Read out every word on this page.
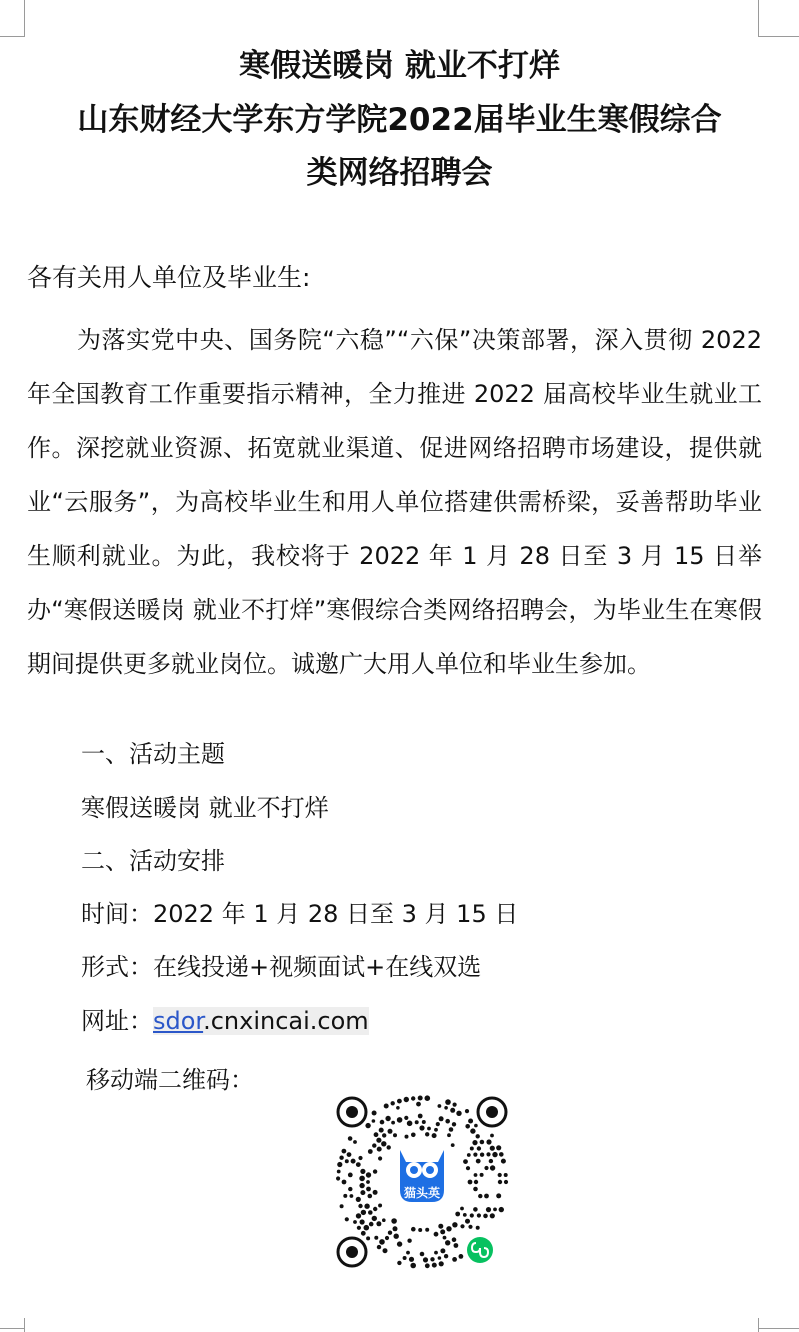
寒假送暖岗 就业不打烊
山东财经大学东方学院2022届毕业生寒假综合
类网络招聘会
各有关用人单位及毕业生:

为落实党中央、国务院“六稳”“六保”决策部署，深入贯彻 2022 年全国教育工作重要指示精神，全力推进 2022 届高校毕业生就业工作。深挖就业资源、拓宽就业渠道、促进网络招聘市场建设，提供就业“云服务”，为高校毕业生和用人单位搭建供需桥梁，妥善帮助毕业生顺利就业。为此，我校将于 2022 年 1 月 28 日至 3 月 15 日举办“寒假送暖岗 就业不打烊”寒假综合类网络招聘会，为毕业生在寒假期间提供更多就业岗位。诚邀广大用人单位和毕业生参加。

一、活动主题
寒假送暖岗 就业不打烊
二、活动安排
时间：2022 年 1 月 28 日至 3 月 15 日
形式：在线投递+视频面试+在线双选
网址：sdor.cnxincai.com
移动端二维码：
猫头英
